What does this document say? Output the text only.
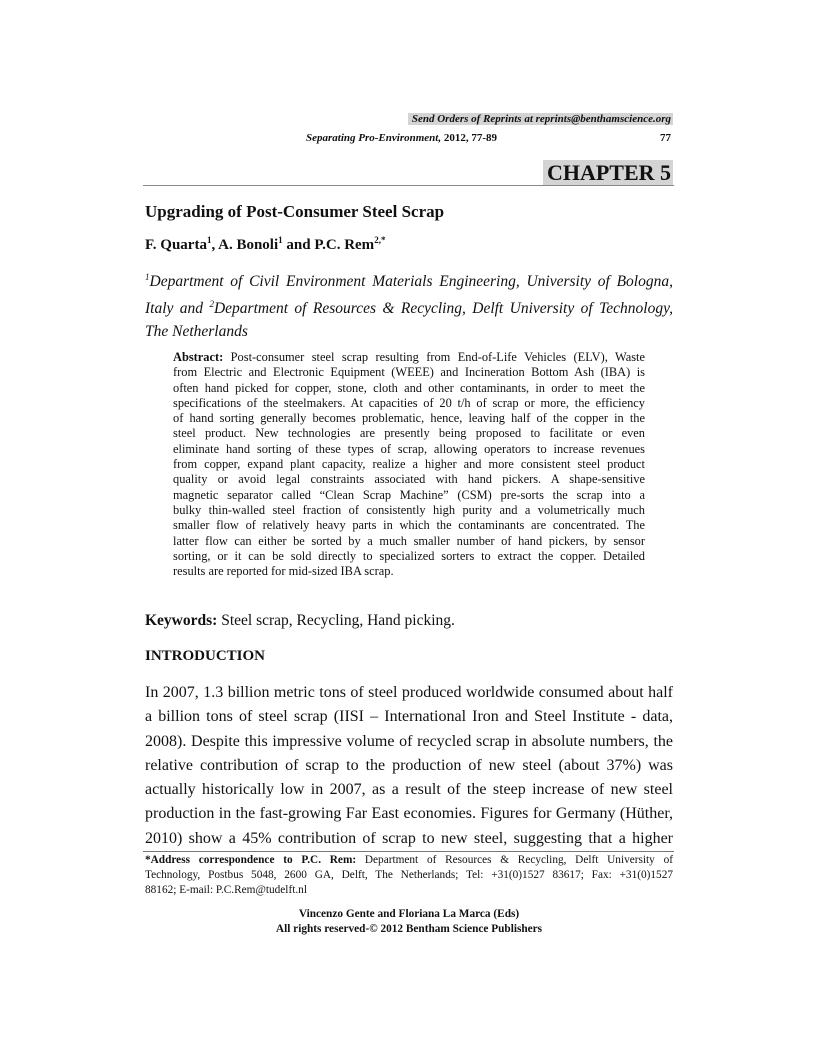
Send Orders of Reprints at reprints@benthamscience.org
Separating Pro-Environment, 2012, 77-89	77
CHAPTER 5
Upgrading of Post-Consumer Steel Scrap
F. Quarta$^1$, A. Bonoli$^1$ and P.C. Rem$^{2,*}$
$^1$Department of Civil Environment Materials Engineering, University of Bologna,
Italy and $^2$Department of Resources & Recycling, Delft University of Technology,
The Netherlands
Abstract: Post-consumer steel scrap resulting from End-of-Life Vehicles (ELV), Waste
from Electric and Electronic Equipment (WEEE) and Incineration Bottom Ash (IBA) is
often hand picked for copper, stone, cloth and other contaminants, in order to meet the
specifications of the steelmakers. At capacities of 20 t/h of scrap or more, the efficiency
of hand sorting generally becomes problematic, hence, leaving half of the copper in the
steel product. New technologies are presently being proposed to facilitate or even
eliminate hand sorting of these types of scrap, allowing operators to increase revenues
from copper, expand plant capacity, realize a higher and more consistent steel product
quality or avoid legal constraints associated with hand pickers. A shape-sensitive
magnetic separator called “Clean Scrap Machine” (CSM) pre-sorts the scrap into a
bulky thin-walled steel fraction of consistently high purity and a volumetrically much
smaller flow of relatively heavy parts in which the contaminants are concentrated. The
latter flow can either be sorted by a much smaller number of hand pickers, by sensor
sorting, or it can be sold directly to specialized sorters to extract the copper. Detailed
results are reported for mid-sized IBA scrap.
Keywords: Steel scrap, Recycling, Hand picking.
INTRODUCTION
In 2007, 1.3 billion metric tons of steel produced worldwide consumed about half
a billion tons of steel scrap (IISI – International Iron and Steel Institute - data,
2008). Despite this impressive volume of recycled scrap in absolute numbers, the
relative contribution of scrap to the production of new steel (about 37%) was
actually historically low in 2007, as a result of the steep increase of new steel
production in the fast-growing Far East economies. Figures for Germany (Hüther,
2010) show a 45% contribution of scrap to new steel, suggesting that a higher
*Address correspondence to P.C. Rem: Department of Resources & Recycling, Delft University of
Technology, Postbus 5048, 2600 GA, Delft, The Netherlands; Tel: +31(0)1527 83617; Fax: +31(0)1527
88162; E-mail: P.C.Rem@tudelft.nl
Vincenzo Gente and Floriana La Marca (Eds)
All rights reserved-© 2012 Bentham Science Publishers
